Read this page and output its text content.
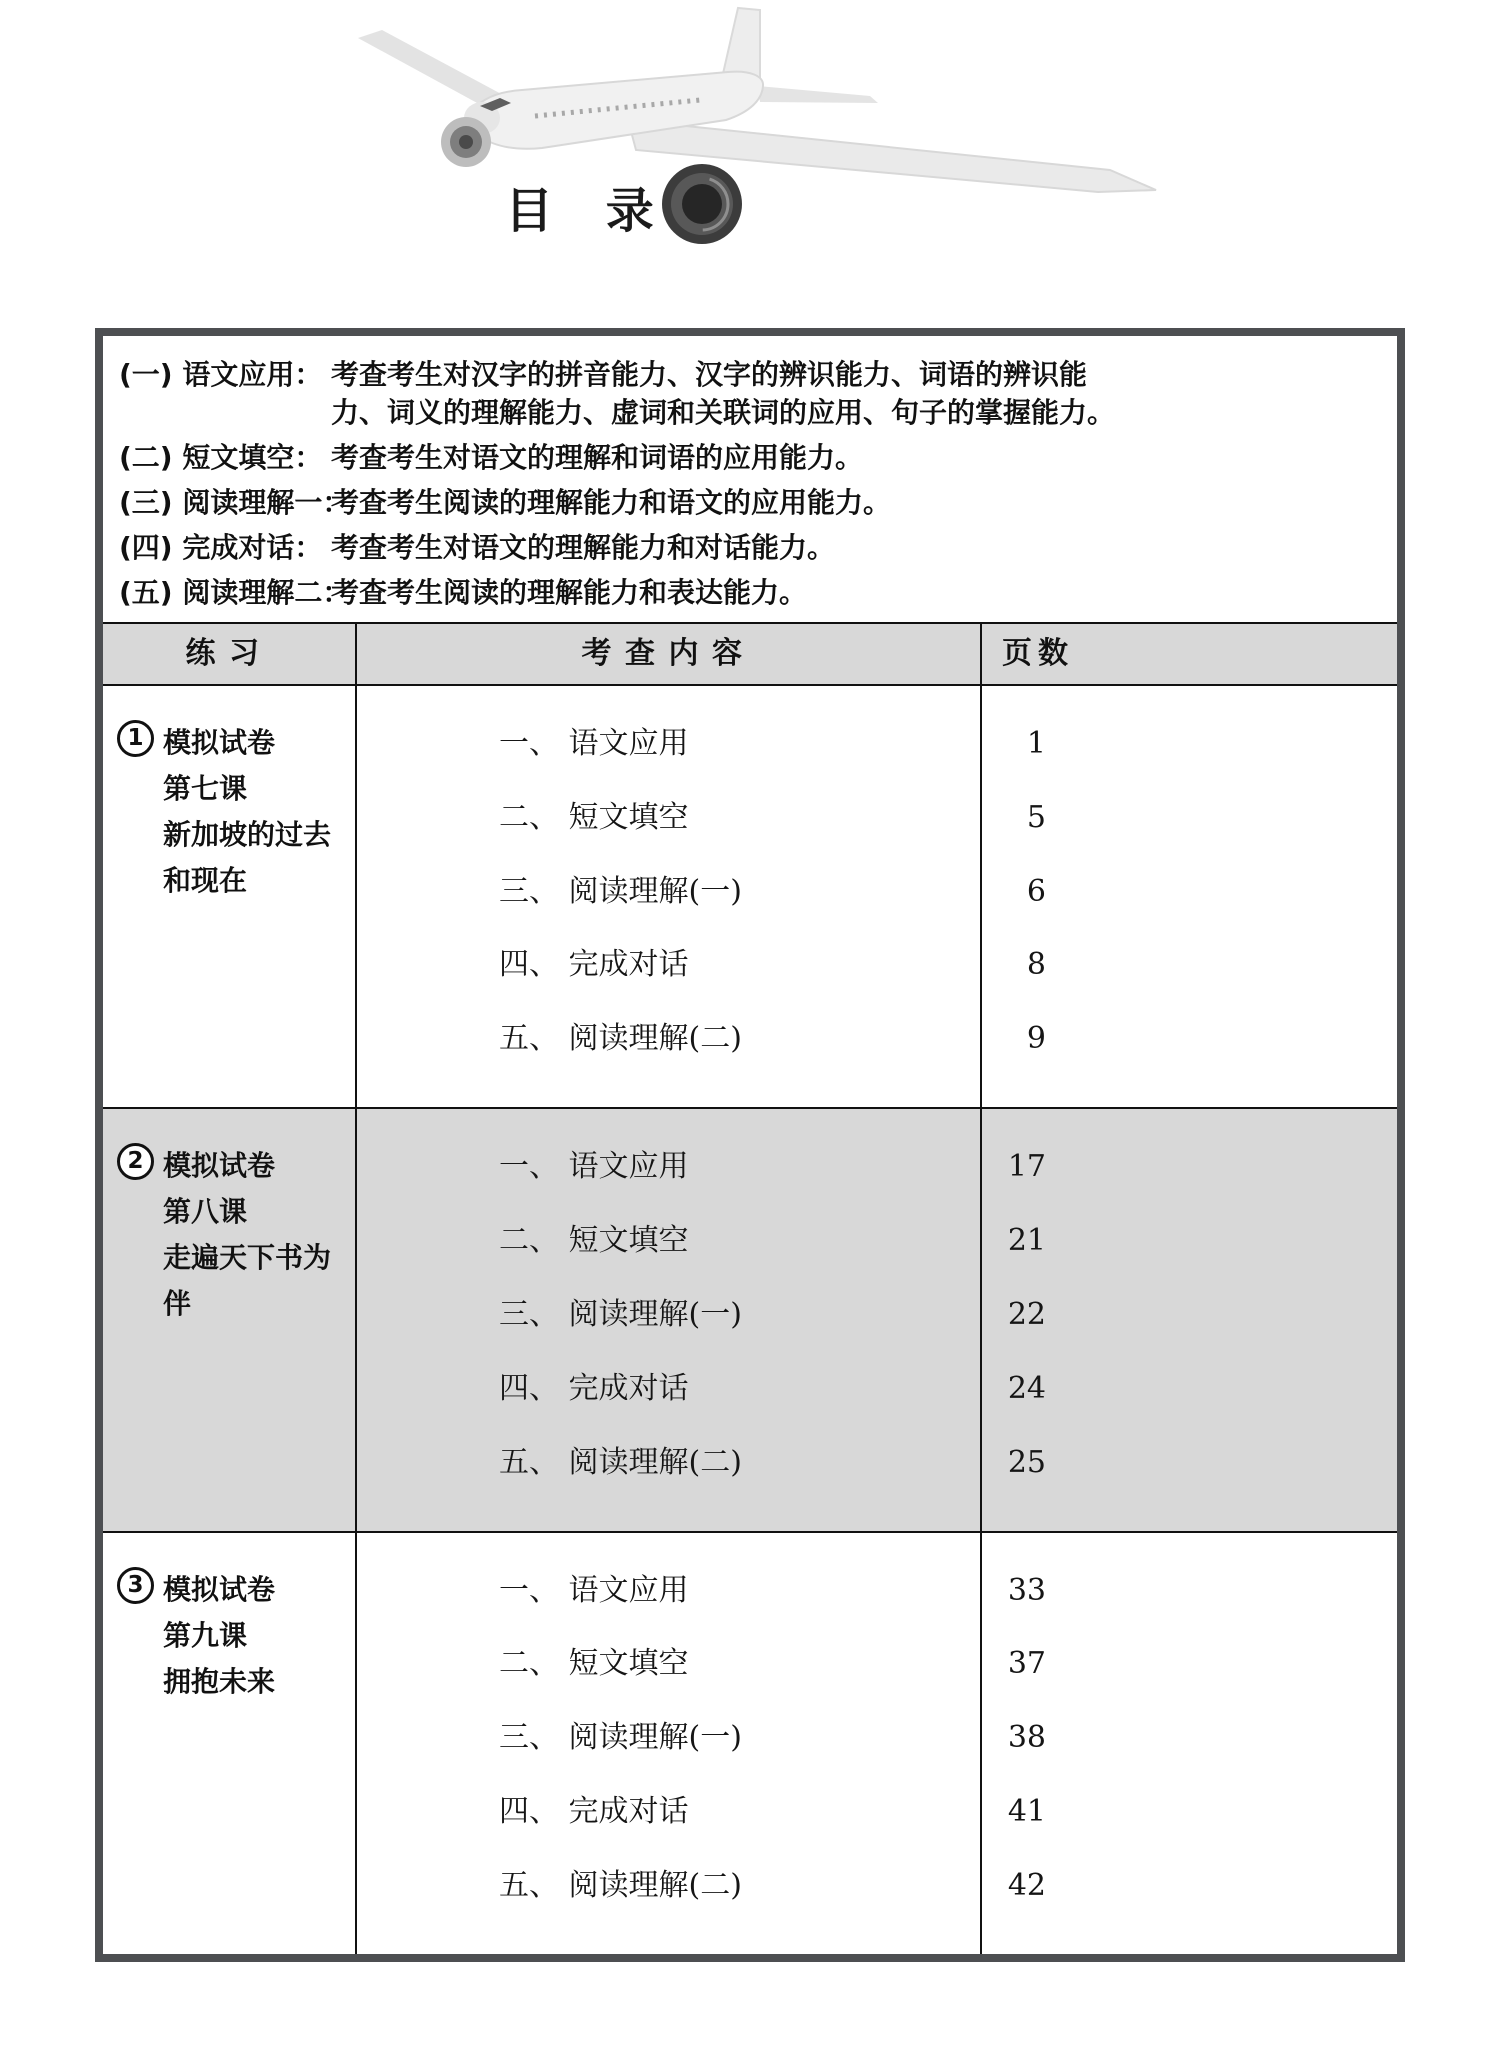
目录
(一) 语文应用： 考查考生对汉字的拼音能力、汉字的辨识能力、词语的辨识能力、词义的理解能力、虚词和关联词的应用、句子的掌握能力。
(二) 短文填空： 考查考生对语文的理解和词语的应用能力。
(三) 阅读理解一：
考查考生阅读的理解能力和语文的应用能力。
(四) 完成对话： 考查考生对语文的理解能力和对话能力。
(五) 阅读理解二：
考查考生阅读的理解能力和表达能力。
练习	考查内容	页数
1 模拟试卷
第七课
新加坡的过去和现在
一、 语文应用
二、 短文填空
三、 阅读理解(一)
四、 完成对话
五、 阅读理解(二)
1
5
6
8
9
2 模拟试卷
第八课
走遍天下书为伴
一、 语文应用
二、 短文填空
三、 阅读理解(一)
四、 完成对话
五、 阅读理解(二)
17
21
22
24
25
3 模拟试卷
第九课
拥抱未来
一、 语文应用
二、 短文填空
三、 阅读理解(一)
四、 完成对话
五、 阅读理解(二)
33
37
38
41
42
